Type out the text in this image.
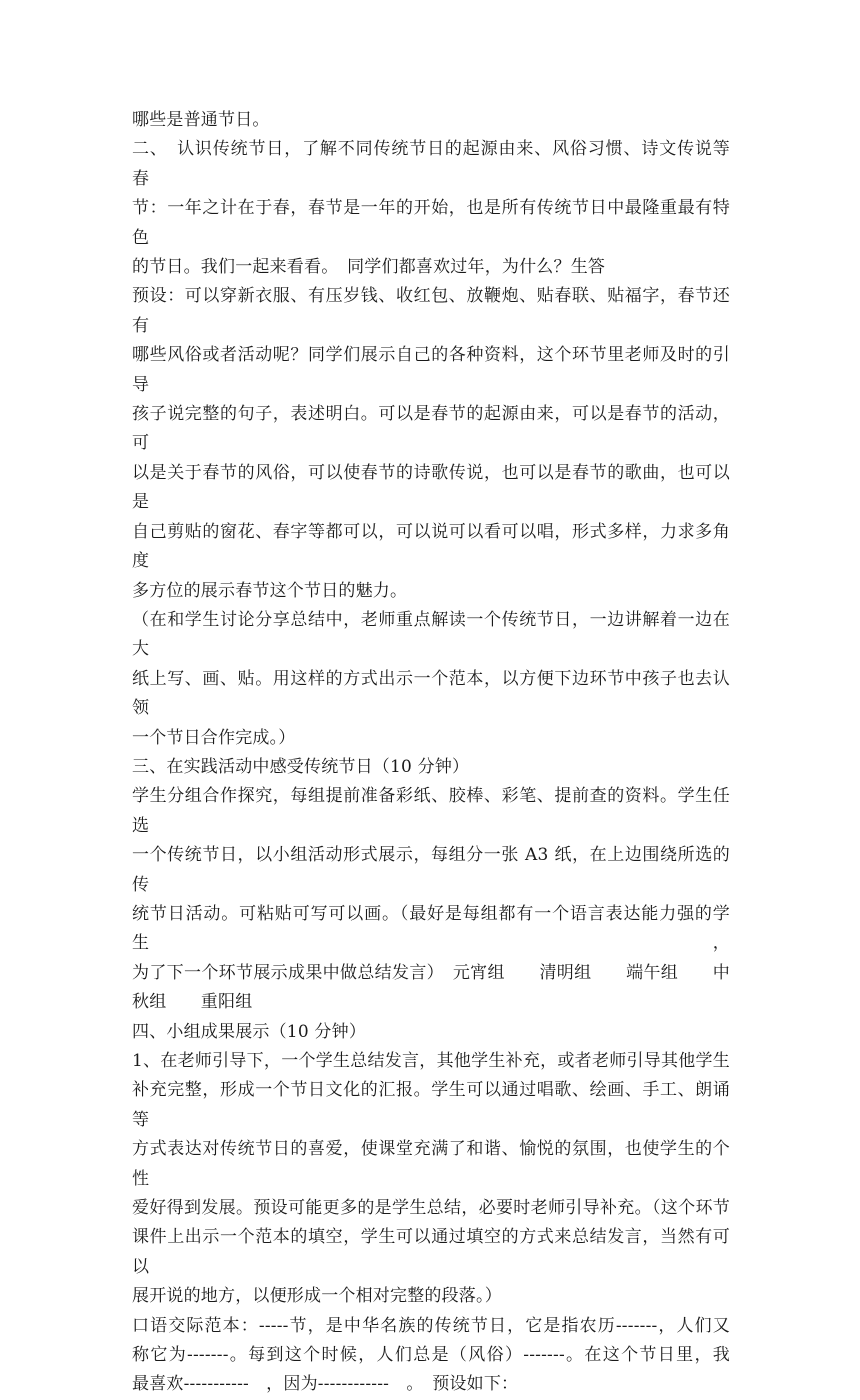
哪些是普通节日。
二、　认识传统节日，了解不同传统节日的起源由来、风俗习惯、诗文传说等　春
节：一年之计在于春，春节是一年的开始，也是所有传统节日中最隆重最有特色
的节日。我们一起来看看。　同学们都喜欢过年，为什么？生答
预设：可以穿新衣服、有压岁钱、收红包、放鞭炮、贴春联、贴福字，春节还有
哪些风俗或者活动呢？同学们展示自己的各种资料，这个环节里老师及时的引导
孩子说完整的句子，表述明白。可以是春节的起源由来，可以是春节的活动，可
以是关于春节的风俗，可以使春节的诗歌传说，也可以是春节的歌曲，也可以是
自己剪贴的窗花、春字等都可以，可以说可以看可以唱，形式多样，力求多角度
多方位的展示春节这个节日的魅力。
（在和学生讨论分享总结中，老师重点解读一个传统节日，一边讲解着一边在大
纸上写、画、贴。用这样的方式出示一个范本，以方便下边环节中孩子也去认领
一个节日合作完成。）
三、在实践活动中感受传统节日（10 分钟）
学生分组合作探究，每组提前准备彩纸、胶棒、彩笔、提前查的资料。学生任选
一个传统节日，以小组活动形式展示，每组分一张 A3 纸，在上边围绕所选的传
统节日活动。可粘贴可写可以画。（最好是每组都有一个语言表达能力强的学生，
为了下一个环节展示成果中做总结发言）　元宵组　　清明组　　端午组　　中
秋组　　重阳组
四、小组成果展示（10 分钟）
1、在老师引导下，一个学生总结发言，其他学生补充，或者老师引导其他学生
补充完整，形成一个节日文化的汇报。学生可以通过唱歌、绘画、手工、朗诵等
方式表达对传统节日的喜爱，使课堂充满了和谐、愉悦的氛围，也使学生的个性
爱好得到发展。预设可能更多的是学生总结，必要时老师引导补充。（这个环节
课件上出示一个范本的填空，学生可以通过填空的方式来总结发言，当然有可以
展开说的地方，以便形成一个相对完整的段落。）
口语交际范本：-----节，是中华名族的传统节日，它是指农历-------，人们又
称它为-------。每到这个时候，人们总是（风俗）-------。在这个节日里，我
最喜欢-----------　，因为------------　。　预设如下：
